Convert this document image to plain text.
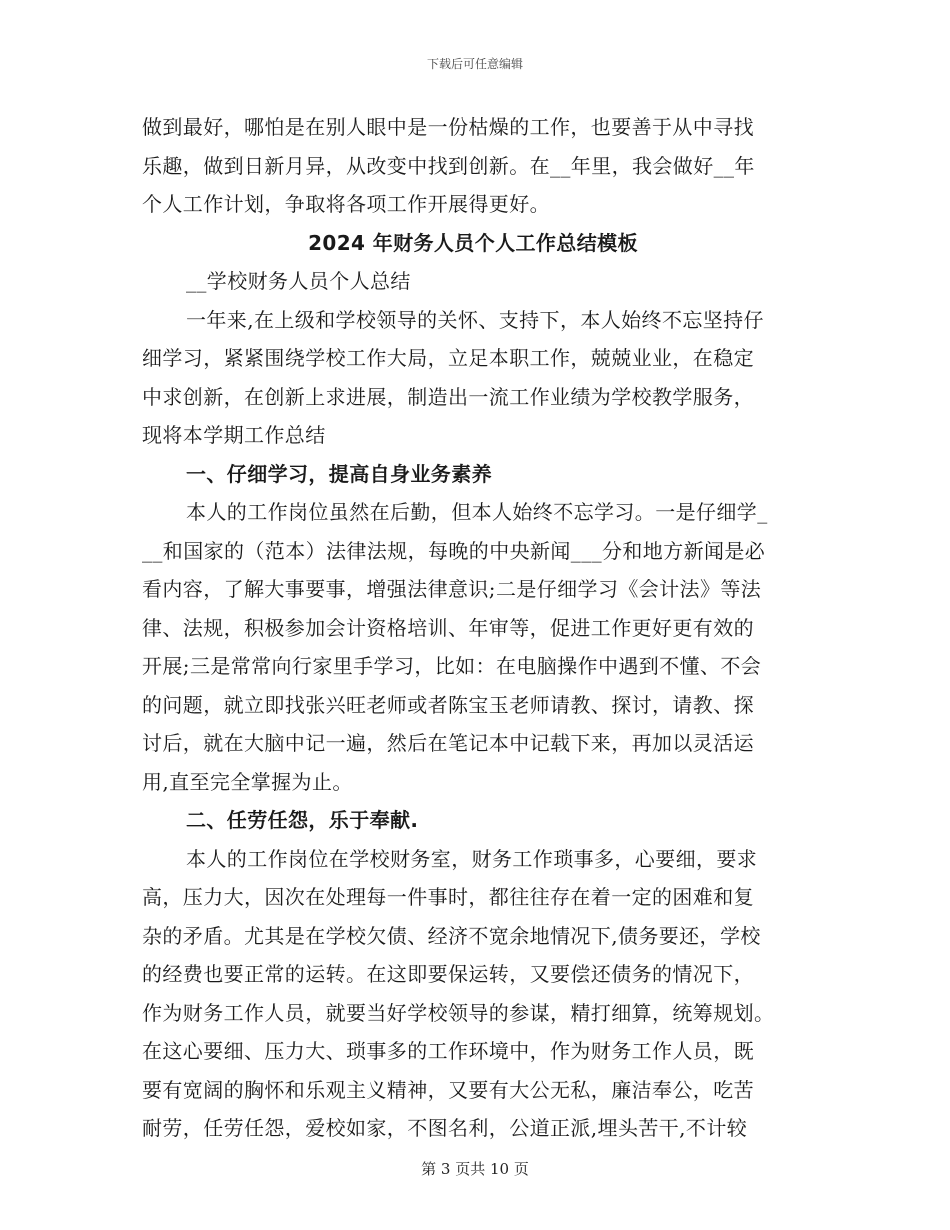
下载后可任意编辑
做到最好，哪怕是在别人眼中是一份枯燥的工作，也要善于从中寻找
乐趣，做到日新月异，从改变中找到创新。在__年里，我会做好__年
个人工作计划，争取将各项工作开展得更好。
2024 年财务人员个人工作总结模板
__学校财务人员个人总结
一年来,在上级和学校领导的关怀、支持下，本人始终不忘坚持仔
细学习，紧紧围绕学校工作大局，立足本职工作，兢兢业业，在稳定
中求创新，在创新上求进展，制造出一流工作业绩为学校教学服务，
现将本学期工作总结
一、仔细学习，提高自身业务素养
本人的工作岗位虽然在后勤，但本人始终不忘学习。一是仔细学_
__和国家的（范本）法律法规，每晚的中央新闻___分和地方新闻是必
看内容，了解大事要事，增强法律意识;二是仔细学习《会计法》等法
律、法规，积极参加会计资格培训、年审等，促进工作更好更有效的
开展;三是常常向行家里手学习，比如：在电脑操作中遇到不懂、不会
的问题，就立即找张兴旺老师或者陈宝玉老师请教、探讨，请教、探
讨后，就在大脑中记一遍，然后在笔记本中记载下来，再加以灵活运
用,直至完全掌握为止。
二、任劳任怨，乐于奉献.
本人的工作岗位在学校财务室，财务工作琐事多，心要细，要求
高，压力大，因次在处理每一件事时，都往往存在着一定的困难和复
杂的矛盾。尤其是在学校欠债、经济不宽余地情况下,债务要还，学校
的经费也要正常的运转。在这即要保运转，又要偿还债务的情况下，
作为财务工作人员，就要当好学校领导的参谋，精打细算，统筹规划。
在这心要细、压力大、琐事多的工作环境中，作为财务工作人员，既
要有宽阔的胸怀和乐观主义精神，又要有大公无私，廉洁奉公，吃苦
耐劳，任劳任怨，爱校如家，不图名利，公道正派,埋头苦干,不计较
第 3 页共 10 页
